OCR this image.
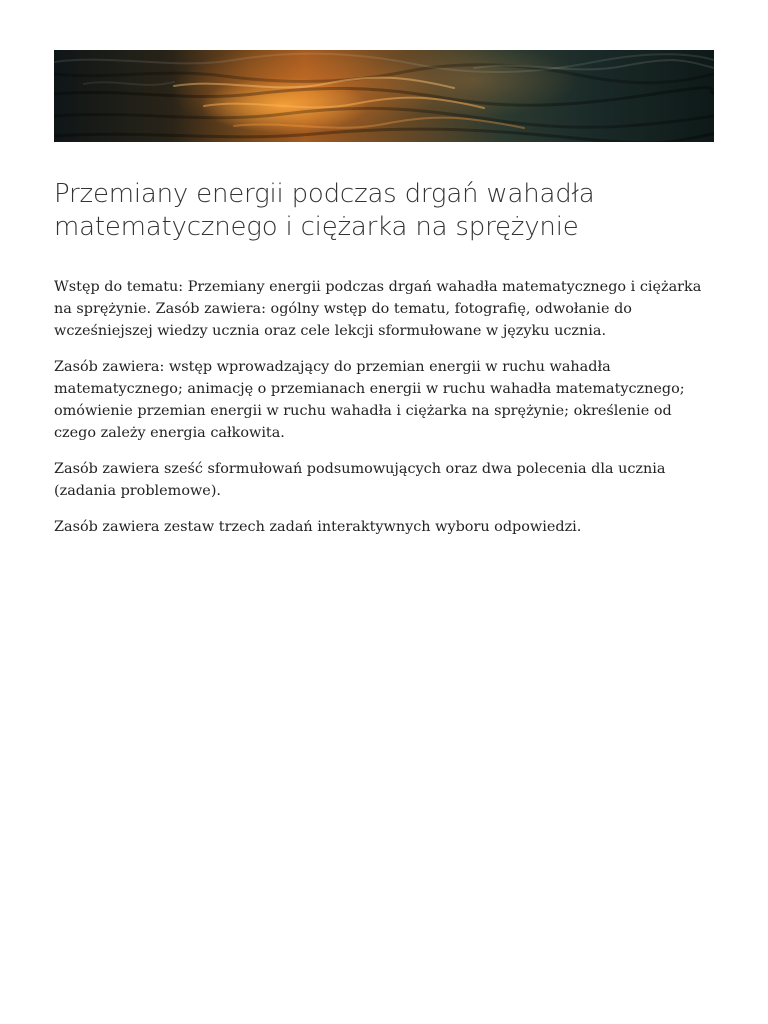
Przemiany energii podczas drgań wahadła matematycznego i ciężarka na sprężynie

Wstęp do tematu: Przemiany energii podczas drgań wahadła matematycznego i ciężarka na sprężynie. Zasób zawiera: ogólny wstęp do tematu, fotografię, odwołanie do wcześniejszej wiedzy ucznia oraz cele lekcji sformułowane w języku ucznia.

Zasób zawiera: wstęp wprowadzający do przemian energii w ruchu wahadła matematycznego; animację o przemianach energii w ruchu wahadła matematycznego; omówienie przemian energii w ruchu wahadła i ciężarka na sprężynie; określenie od czego zależy energia całkowita.

Zasób zawiera sześć sformułowań podsumowujących oraz dwa polecenia dla ucznia (zadania problemowe).

Zasób zawiera zestaw trzech zadań interaktywnych wyboru odpowiedzi.
